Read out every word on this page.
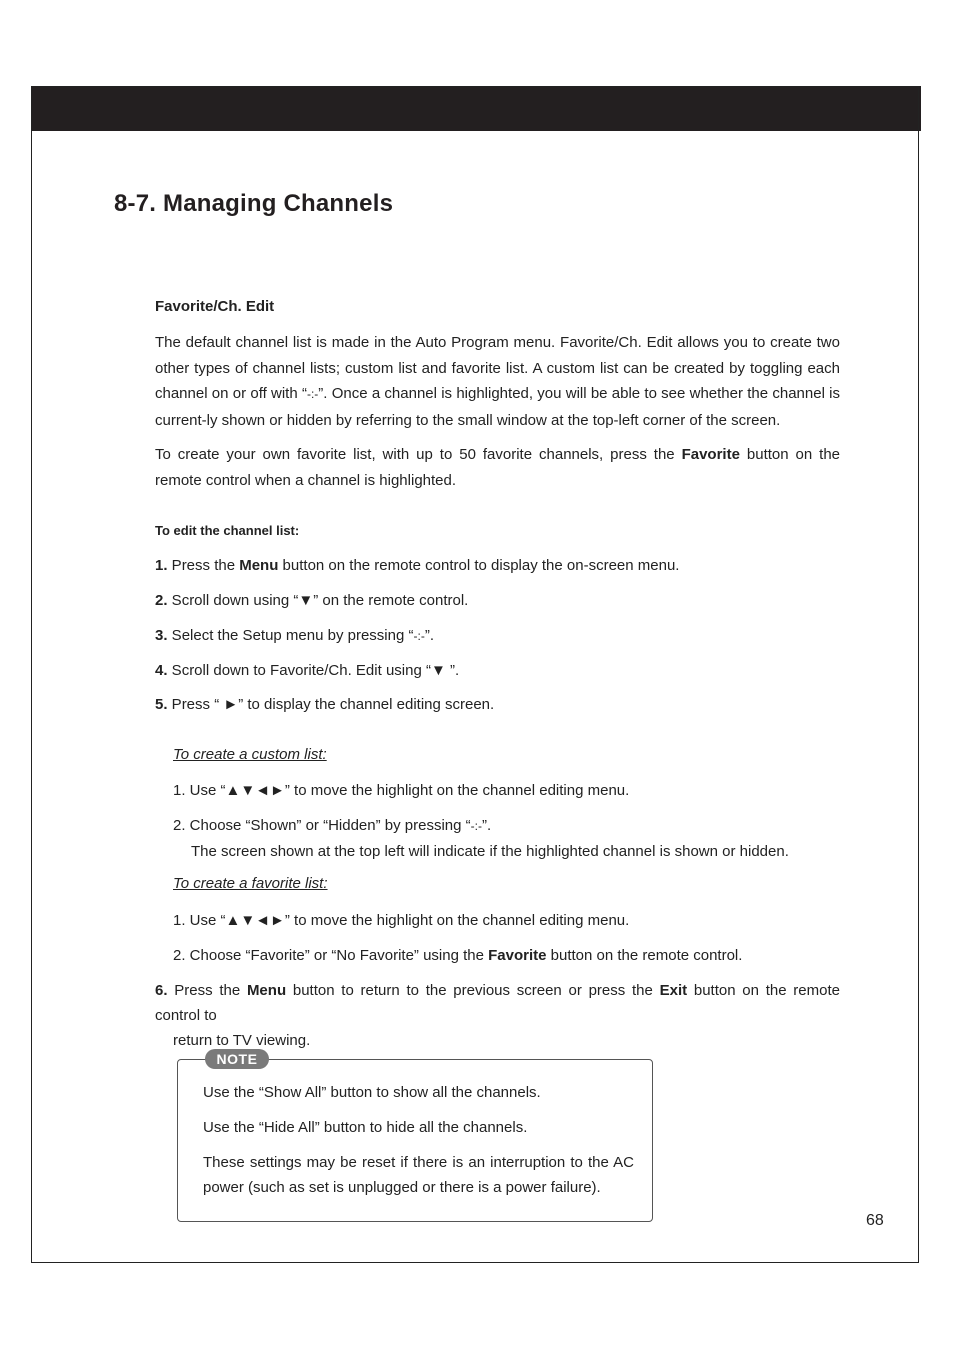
8-7. Managing Channels
Favorite/Ch. Edit
The default channel list is made in the Auto Program menu. Favorite/Ch. Edit allows you to create two other types of channel lists; custom list and favorite list. A custom list can be created by toggling each channel on or off with “-:-”. Once a channel is highlighted, you will be able to see whether the channel is current-ly shown or hidden by referring to the small window at the top-left corner of the screen.
To create your own favorite list, with up to 50 favorite channels, press the Favorite button on the remote control when a channel is highlighted.
To edit the channel list:
1. Press the Menu button on the remote control to display the on-screen menu.
2. Scroll down using “▼” on the remote control.
3. Select the Setup menu by pressing “-:-”.
4. Scroll down to Favorite/Ch. Edit using “▼ ”.
5. Press “ ►” to display the channel editing screen.
To create a custom list:
1. Use “▲▼◄►” to move the highlight on the channel editing menu.
2. Choose “Shown” or “Hidden” by pressing “-:-”.
The screen shown at the top left will indicate if the highlighted channel is shown or hidden.
To create a favorite list:
1. Use “▲▼◄►” to move the highlight on the channel editing menu.
2. Choose “Favorite” or “No Favorite” using the Favorite button on the remote control.
6. Press the Menu button to return to the previous screen or press the Exit button on the remote control to
return to TV viewing.
NOTE
Use the “Show All” button to show all the channels.
Use the “Hide All” button to hide all the channels.
These settings may be reset if there is an interruption to the AC power (such as set is unplugged or there is a power failure).
68
